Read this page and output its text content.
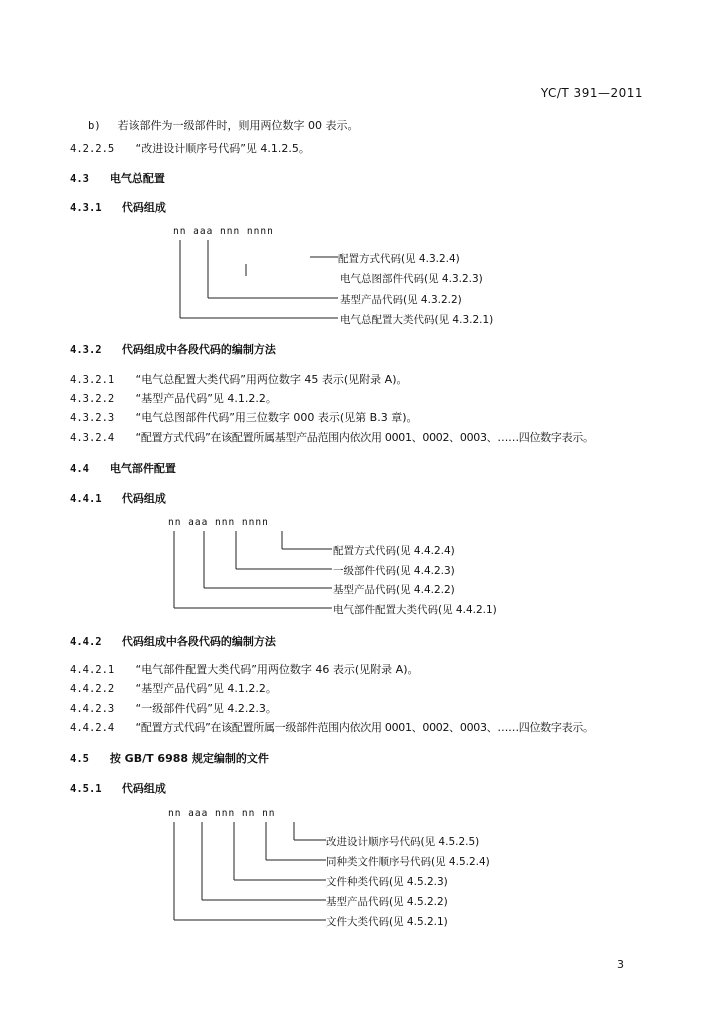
YC/T 391—2011
b) 若该部件为一级部件时，则用两位数字 00 表示。
4.2.2.5 “改进设计顺序号代码”见 4.1.2.5。
4.3 电气总配置
4.3.1 代码组成
nn aaa nnn nnnn
配置方式代码(见 4.3.2.4)
电气总图部件代码(见 4.3.2.3)
基型产品代码(见 4.3.2.2)
电气总配置大类代码(见 4.3.2.1)
4.3.2 代码组成中各段代码的编制方法
4.3.2.1 “电气总配置大类代码”用两位数字 45 表示(见附录 A)。
4.3.2.2 “基型产品代码”见 4.1.2.2。
4.3.2.3 “电气总图部件代码”用三位数字 000 表示(见第 B.3 章)。
4.3.2.4 “配置方式代码”在该配置所属基型产品范围内依次用 0001、0002、0003、……四位数字表示。
4.4 电气部件配置
4.4.1 代码组成
nn aaa nnn nnnn
配置方式代码(见 4.4.2.4)
一级部件代码(见 4.4.2.3)
基型产品代码(见 4.4.2.2)
电气部件配置大类代码(见 4.4.2.1)
4.4.2 代码组成中各段代码的编制方法
4.4.2.1 “电气部件配置大类代码”用两位数字 46 表示(见附录 A)。
4.4.2.2 “基型产品代码”见 4.1.2.2。
4.4.2.3 “一级部件代码”见 4.2.2.3。
4.4.2.4 “配置方式代码”在该配置所属一级部件范围内依次用 0001、0002、0003、……四位数字表示。
4.5 按 GB/T 6988 规定编制的文件
4.5.1 代码组成
nn aaa nnn nn nn
改进设计顺序号代码(见 4.5.2.5)
同种类文件顺序号代码(见 4.5.2.4)
文件种类代码(见 4.5.2.3)
基型产品代码(见 4.5.2.2)
文件大类代码(见 4.5.2.1)
3
